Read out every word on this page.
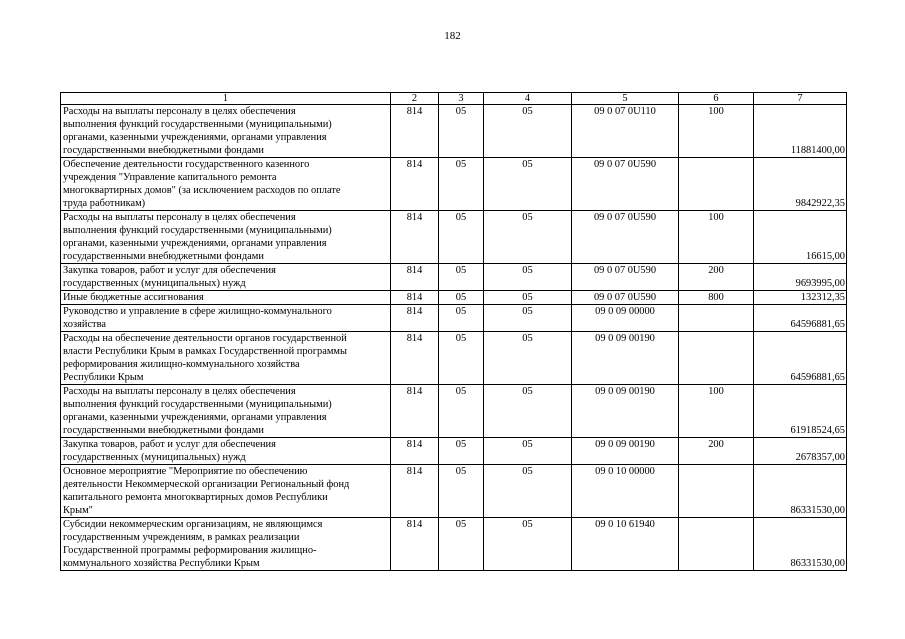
182
1	2	3	4	5	6	7

Расходы на выплаты персоналу в целях обеспечения
выполнения функций государственными (муниципальными)
органами, казенными учреждениями, органами управления
государственными внебюджетными фондами	814	05	05	09 0 07 0U110	100	11881400,00

Обеспечение деятельности государственного казенного
учреждения "Управление капитального ремонта
многоквартирных домов" (за исключением расходов по оплате
труда работникам)	814	05	05	09 0 07 0U590		9842922,35

Расходы на выплаты персоналу в целях обеспечения
выполнения функций государственными (муниципальными)
органами, казенными учреждениями, органами управления
государственными внебюджетными фондами	814	05	05	09 0 07 0U590	100	16615,00

Закупка товаров, работ и услуг для обеспечения
государственных (муниципальных) нужд	814	05	05	09 0 07 0U590	200	9693995,00

Иные бюджетные ассигнования	814	05	05	09 0 07 0U590	800	132312,35

Руководство и управление в сфере жилищно-коммунального
хозяйства	814	05	05	09 0 09 00000		64596881,65

Расходы на обеспечение деятельности органов государственной
власти Республики Крым в рамках Государственной программы
реформирования жилищно-коммунального хозяйства
Республики Крым	814	05	05	09 0 09 00190		64596881,65

Расходы на выплаты персоналу в целях обеспечения
выполнения функций государственными (муниципальными)
органами, казенными учреждениями, органами управления
государственными внебюджетными фондами	814	05	05	09 0 09 00190	100	61918524,65

Закупка товаров, работ и услуг для обеспечения
государственных (муниципальных) нужд	814	05	05	09 0 09 00190	200	2678357,00

Основное мероприятие "Мероприятие по обеспечению
деятельности Некоммерческой организации Региональный фонд
капитального ремонта многоквартирных домов Республики
Крым"	814	05	05	09 0 10 00000		86331530,00

Субсидии некоммерческим организациям, не являющимся
государственным учреждениям, в рамках реализации
Государственной программы реформирования жилищно-
коммунального хозяйства Республики Крым	814	05	05	09 0 10 61940		86331530,00
